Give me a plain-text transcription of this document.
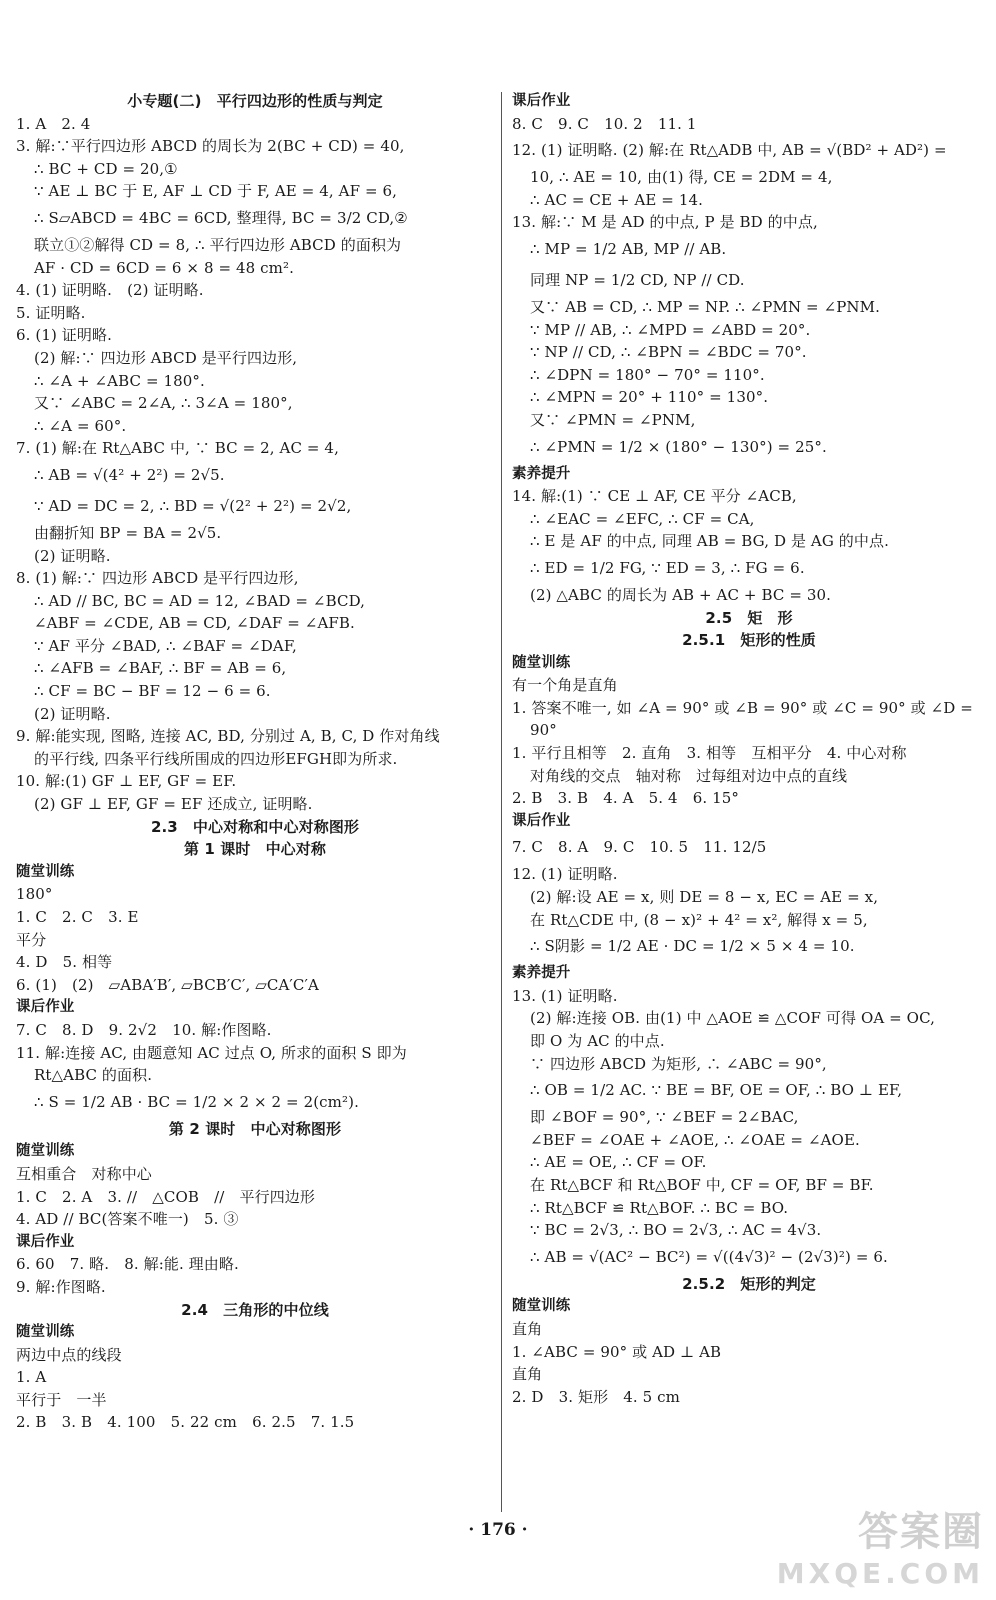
小专题(二)　平行四边形的性质与判定
1. A　2. 4
3. 解:∵平行四边形 ABCD 的周长为 2(BC + CD) = 40,
∴ BC + CD = 20,①
∵ AE ⊥ BC 于 E, AF ⊥ CD 于 F, AE = 4, AF = 6,
∴ S▱ABCD = 4BC = 6CD, 整理得, BC = 3/2 CD,②
联立①②解得 CD = 8, ∴ 平行四边形 ABCD 的面积为
AF · CD = 6CD = 6 × 8 = 48 cm².
4. (1) 证明略.　(2) 证明略.
5. 证明略.
6. (1) 证明略.
(2) 解:∵ 四边形 ABCD 是平行四边形,
∴ ∠A + ∠ABC = 180°.
又∵ ∠ABC = 2∠A, ∴ 3∠A = 180°,
∴ ∠A = 60°.
7. (1) 解:在 Rt△ABC 中, ∵ BC = 2, AC = 4,
∴ AB = √(4² + 2²) = 2√5.
∵ AD = DC = 2, ∴ BD = √(2² + 2²) = 2√2,
由翻折知 BP = BA = 2√5.
(2) 证明略.
8. (1) 解:∵ 四边形 ABCD 是平行四边形,
∴ AD // BC, BC = AD = 12, ∠BAD = ∠BCD,
∠ABF = ∠CDE, AB = CD, ∠DAF = ∠AFB.
∵ AF 平分 ∠BAD, ∴ ∠BAF = ∠DAF,
∴ ∠AFB = ∠BAF, ∴ BF = AB = 6,
∴ CF = BC − BF = 12 − 6 = 6.
(2) 证明略.
9. 解:能实现, 图略, 连接 AC, BD, 分别过 A, B, C, D 作对角线
的平行线, 四条平行线所围成的四边形EFGH即为所求.
10. 解:(1) GF ⊥ EF, GF = EF.
(2) GF ⊥ EF, GF = EF 还成立, 证明略.
2.3　中心对称和中心对称图形
第 1 课时　中心对称
随堂训练
180°
1. C　2. C　3. E
平分
4. D　5. 相等
6. (1)　(2)　▱ABA′B′, ▱BCB′C′, ▱CA′C′A
课后作业
7. C　8. D　9. 2√2　10. 解:作图略.
11. 解:连接 AC, 由题意知 AC 过点 O, 所求的面积 S 即为
Rt△ABC 的面积.
∴ S = 1/2 AB · BC = 1/2 × 2 × 2 = 2(cm²).
第 2 课时　中心对称图形
随堂训练
互相重合　对称中心
1. C　2. A　3. //　△COB　//　平行四边形
4. AD // BC(答案不唯一)　5. ③
课后作业
6. 60　7. 略.　8. 解:能. 理由略.
9. 解:作图略.
2.4　三角形的中位线
随堂训练
两边中点的线段
1. A
平行于　一半
2. B　3. B　4. 100　5. 22 cm　6. 2.5　7. 1.5
课后作业
8. C　9. C　10. 2　11. 1
12. (1) 证明略. (2) 解:在 Rt△ADB 中, AB = √(BD² + AD²) =
10, ∴ AE = 10, 由(1) 得, CE = 2DM = 4,
∴ AC = CE + AE = 14.
13. 解:∵ M 是 AD 的中点, P 是 BD 的中点,
∴ MP = 1/2 AB, MP // AB.
同理 NP = 1/2 CD, NP // CD.
又∵ AB = CD, ∴ MP = NP. ∴ ∠PMN = ∠PNM.
∵ MP // AB, ∴ ∠MPD = ∠ABD = 20°.
∵ NP // CD, ∴ ∠BPN = ∠BDC = 70°.
∴ ∠DPN = 180° − 70° = 110°.
∴ ∠MPN = 20° + 110° = 130°.
又∵ ∠PMN = ∠PNM,
∴ ∠PMN = 1/2 × (180° − 130°) = 25°.
素养提升
14. 解:(1) ∵ CE ⊥ AF, CE 平分 ∠ACB,
∴ ∠EAC = ∠EFC, ∴ CF = CA,
∴ E 是 AF 的中点, 同理 AB = BG, D 是 AG 的中点.
∴ ED = 1/2 FG, ∵ ED = 3, ∴ FG = 6.
(2) △ABC 的周长为 AB + AC + BC = 30.
2.5　矩　形
2.5.1　矩形的性质
随堂训练
有一个角是直角
1. 答案不唯一, 如 ∠A = 90° 或 ∠B = 90° 或 ∠C = 90° 或 ∠D =
90°
1. 平行且相等　2. 直角　3. 相等　互相平分　4. 中心对称
对角线的交点　轴对称　过每组对边中点的直线
2. B　3. B　4. A　5. 4　6. 15°
课后作业
7. C　8. A　9. C　10. 5　11. 12/5
12. (1) 证明略.
(2) 解:设 AE = x, 则 DE = 8 − x, EC = AE = x,
在 Rt△CDE 中, (8 − x)² + 4² = x², 解得 x = 5,
∴ S阴影 = 1/2 AE · DC = 1/2 × 5 × 4 = 10.
素养提升
13. (1) 证明略.
(2) 解:连接 OB. 由(1) 中 △AOE ≌ △COF 可得 OA = OC,
即 O 为 AC 的中点.
∵ 四边形 ABCD 为矩形, ∴ ∠ABC = 90°,
∴ OB = 1/2 AC. ∵ BE = BF, OE = OF, ∴ BO ⊥ EF,
即 ∠BOF = 90°, ∵ ∠BEF = 2∠BAC,
∠BEF = ∠OAE + ∠AOE, ∴ ∠OAE = ∠AOE.
∴ AE = OE, ∴ CF = OF.
在 Rt△BCF 和 Rt△BOF 中, CF = OF, BF = BF.
∴ Rt△BCF ≌ Rt△BOF. ∴ BC = BO.
∵ BC = 2√3, ∴ BO = 2√3, ∴ AC = 4√3.
∴ AB = √(AC² − BC²) = √((4√3)² − (2√3)²) = 6.
2.5.2　矩形的判定
随堂训练
直角
1. ∠ABC = 90° 或 AD ⊥ AB
直角
2. D　3. 矩形　4. 5 cm
· 176 ·	答案圈
MXQE.COM
